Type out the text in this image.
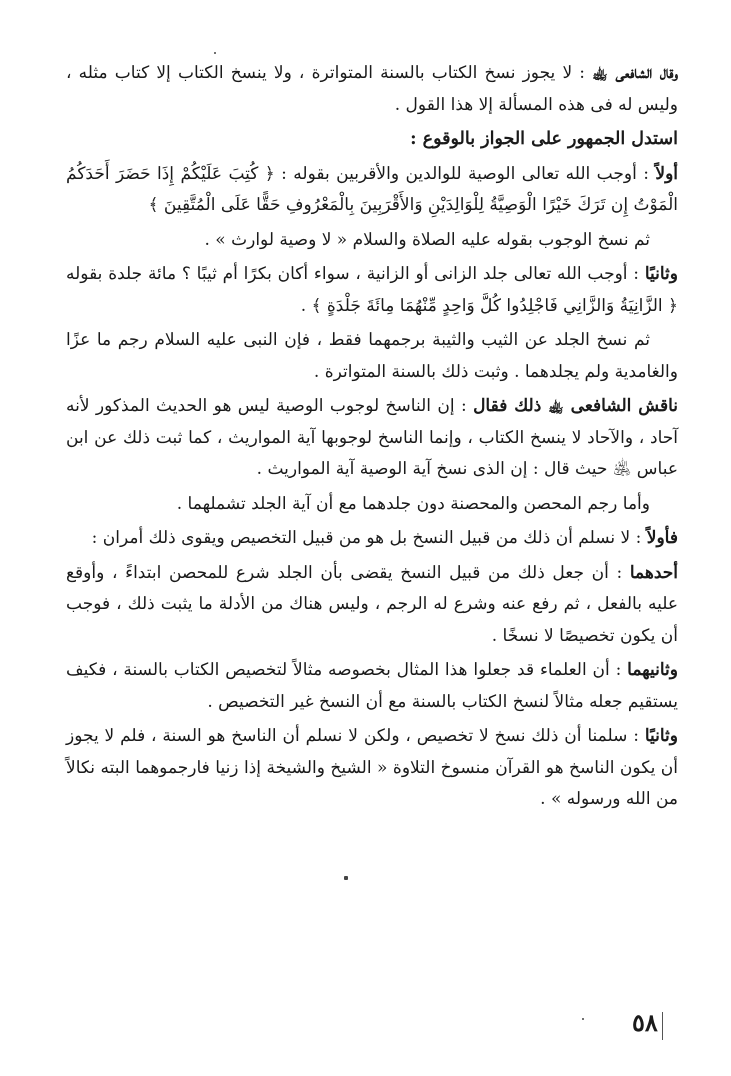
وقال الشافعى ﵀ : لا يجوز نسخ الكتاب بالسنة المتواترة ، ولا ينسخ الكتاب إلا كتاب مثله ، وليس له فى هذه المسألة إلا هذا القول .

استدل الجمهور على الجواز بالوقوع :

أولاً : أوجب الله تعالى الوصية للوالدين والأقربين بقوله : ﴿ كُتِبَ عَلَيْكُمْ إِذَا حَضَرَ أَحَدَكُمُ الْمَوْتُ إِن تَرَكَ خَيْرًا الْوَصِيَّةُ لِلْوَالِدَيْنِ وَالأَقْرَبِينَ بِالْمَعْرُوفِ حَقًّا عَلَى الْمُتَّقِينَ ﴾

ثم نسخ الوجوب بقوله عليه الصلاة والسلام « لا وصية لوارث » .

وثانيًا : أوجب الله تعالى جلد الزانى أو الزانية ، سواء أكان بكرًا أم ثيبًا ؟ مائة جلدة بقوله ﴿ الزَّانِيَةُ وَالزَّانِي فَاجْلِدُوا كُلَّ وَاحِدٍ مِّنْهُمَا مِائَةَ جَلْدَةٍ ﴾ .

ثم نسخ الجلد عن الثيب والثيبة برجمهما فقط ، فإن النبى عليه السلام رجم ما عزًا والغامدية ولم يجلدهما . وثبت ذلك بالسنة المتواترة .

ناقش الشافعى ﵀ ذلك فقال : إن الناسخ لوجوب الوصية ليس هو الحديث المذكور لأنه آحاد ، والآحاد لا ينسخ الكتاب ، وإنما الناسخ لوجوبها آية المواريث ، كما ثبت ذلك عن ابن عباس ﵁ حيث قال : إن الذى نسخ آية الوصية آية المواريث .

وأما رجم المحصن والمحصنة دون جلدهما مع أن آية الجلد تشملهما .

فأولاً : لا نسلم أن ذلك من قبيل النسخ بل هو من قبيل التخصيص ويقوى ذلك أمران :

أحدهما : أن جعل ذلك من قبيل النسخ يقضى بأن الجلد شرع للمحصن ابتداءً ، وأوقع عليه بالفعل ، ثم رفع عنه وشرع له الرجم ، وليس هناك من الأدلة ما يثبت ذلك ، فوجب أن يكون تخصيصًا لا نسخًا .

وثانيهما : أن العلماء قد جعلوا هذا المثال بخصوصه مثالاً لتخصيص الكتاب بالسنة ، فكيف يستقيم جعله مثالاً لنسخ الكتاب بالسنة مع أن النسخ غير التخصيص .

وثانيًا : سلمنا أن ذلك نسخ لا تخصيص ، ولكن لا نسلم أن الناسخ هو السنة ، فلم لا يجوز أن يكون الناسخ هو القرآن منسوخ التلاوة « الشيخ والشيخة إذا زنيا فارجموهما البته نكالاً من الله ورسوله » .

٥٨
